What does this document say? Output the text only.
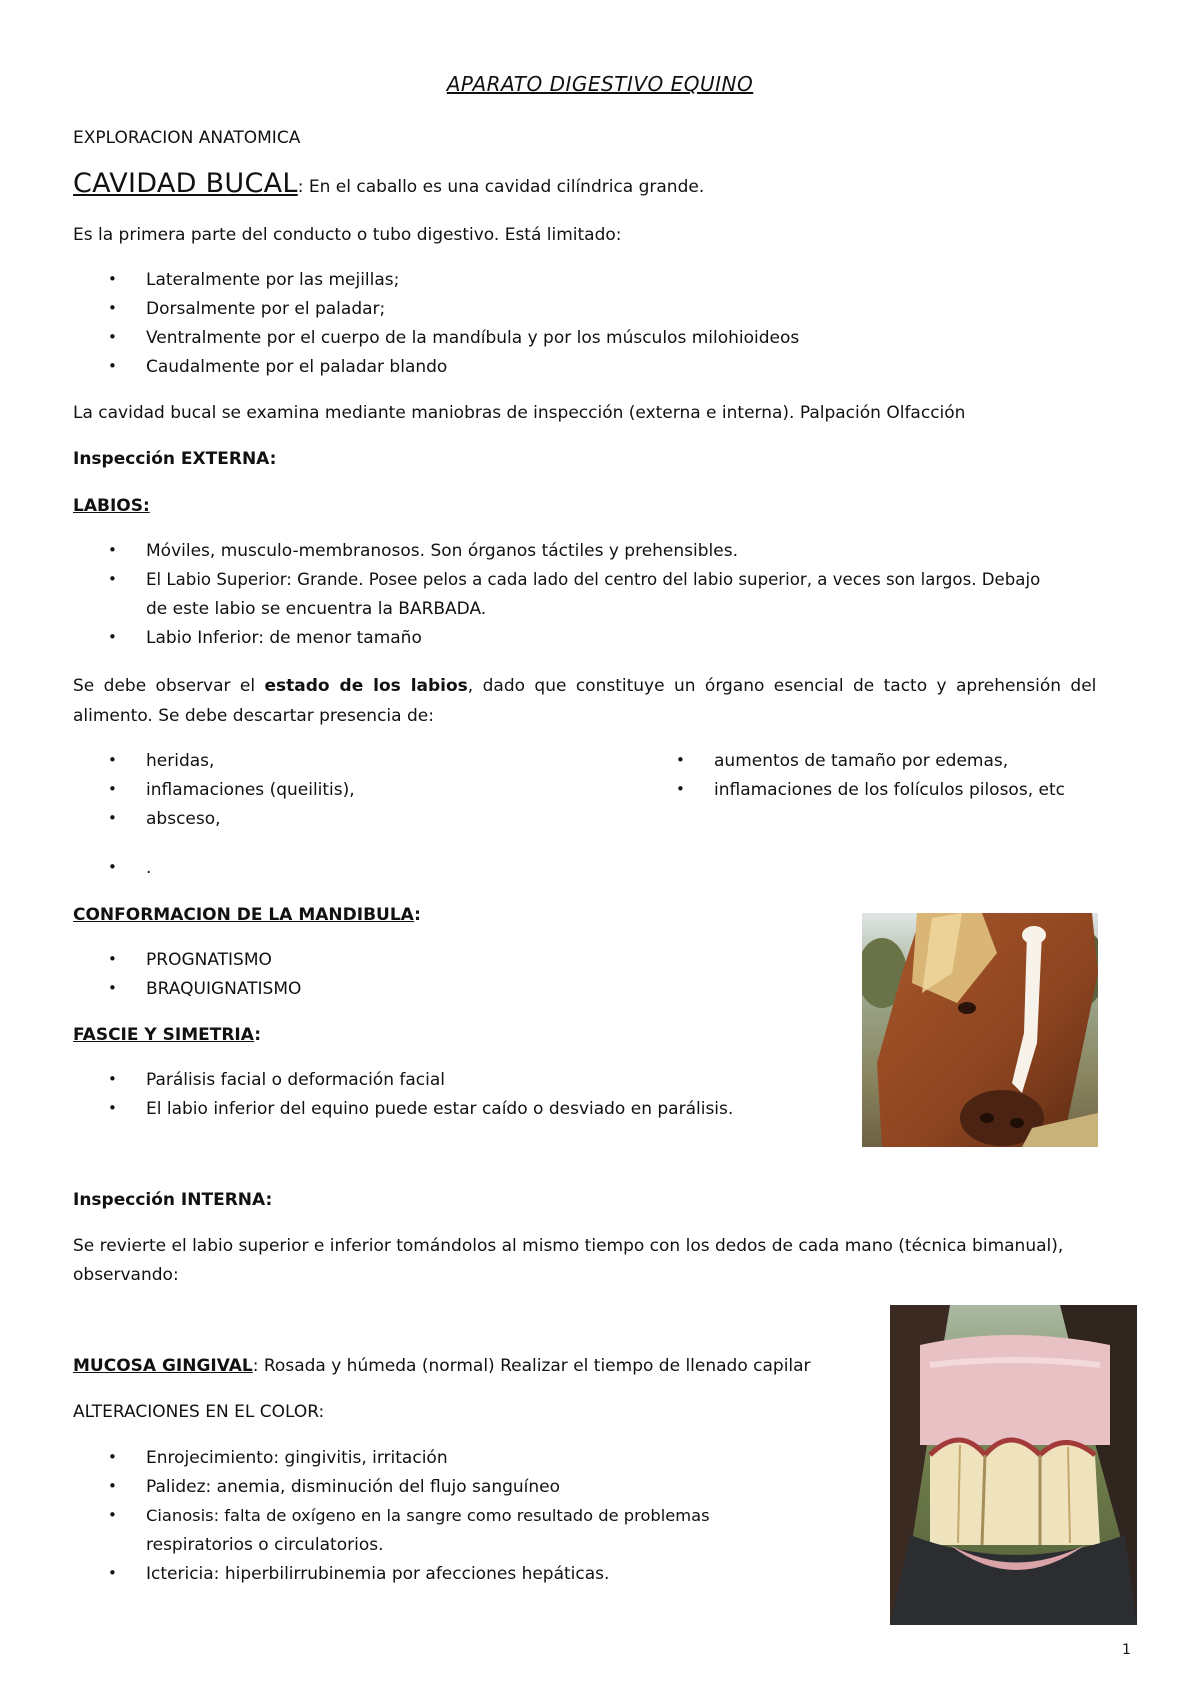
APARATO DIGESTIVO EQUINO
EXPLORACION ANATOMICA
CAVIDAD BUCAL: En el caballo es una cavidad cilíndrica grande.
Es la primera parte del conducto o tubo digestivo. Está limitado:
• Lateralmente por las mejillas;
• Dorsalmente por el paladar;
• Ventralmente por el cuerpo de la mandíbula y por los músculos milohioideos
• Caudalmente por el paladar blando
La cavidad bucal se examina mediante maniobras de inspección (externa e interna). Palpación Olfacción
Inspección EXTERNA:
LABIOS:
• Móviles, musculo-membranosos. Son órganos táctiles y prehensibles.
• El Labio Superior: Grande. Posee pelos a cada lado del centro del labio superior, a veces son largos. Debajo
de este labio se encuentra la BARBADA.
• Labio Inferior: de menor tamaño
Se debe observar el estado de los labios, dado que constituye un órgano esencial de tacto y aprehensión del
alimento. Se debe descartar presencia de:
• heridas,
• inflamaciones (queilitis),
• absceso,
• aumentos de tamaño por edemas,
• inflamaciones de los folículos pilosos, etc
• .
CONFORMACION DE LA MANDIBULA:
• PROGNATISMO
• BRAQUIGNATISMO
FASCIE Y SIMETRIA:
• Parálisis facial o deformación facial
• El labio inferior del equino puede estar caído o desviado en parálisis.
Inspección INTERNA:
Se revierte el labio superior e inferior tomándolos al mismo tiempo con los dedos de cada mano (técnica bimanual),
observando:
MUCOSA GINGIVAL: Rosada y húmeda (normal) Realizar el tiempo de llenado capilar
ALTERACIONES EN EL COLOR:
• Enrojecimiento: gingivitis, irritación
• Palidez: anemia, disminución del flujo sanguíneo
• Cianosis: falta de oxígeno en la sangre como resultado de problemas
respiratorios o circulatorios.
• Ictericia: hiperbilirrubinemia por afecciones hepáticas.
1
